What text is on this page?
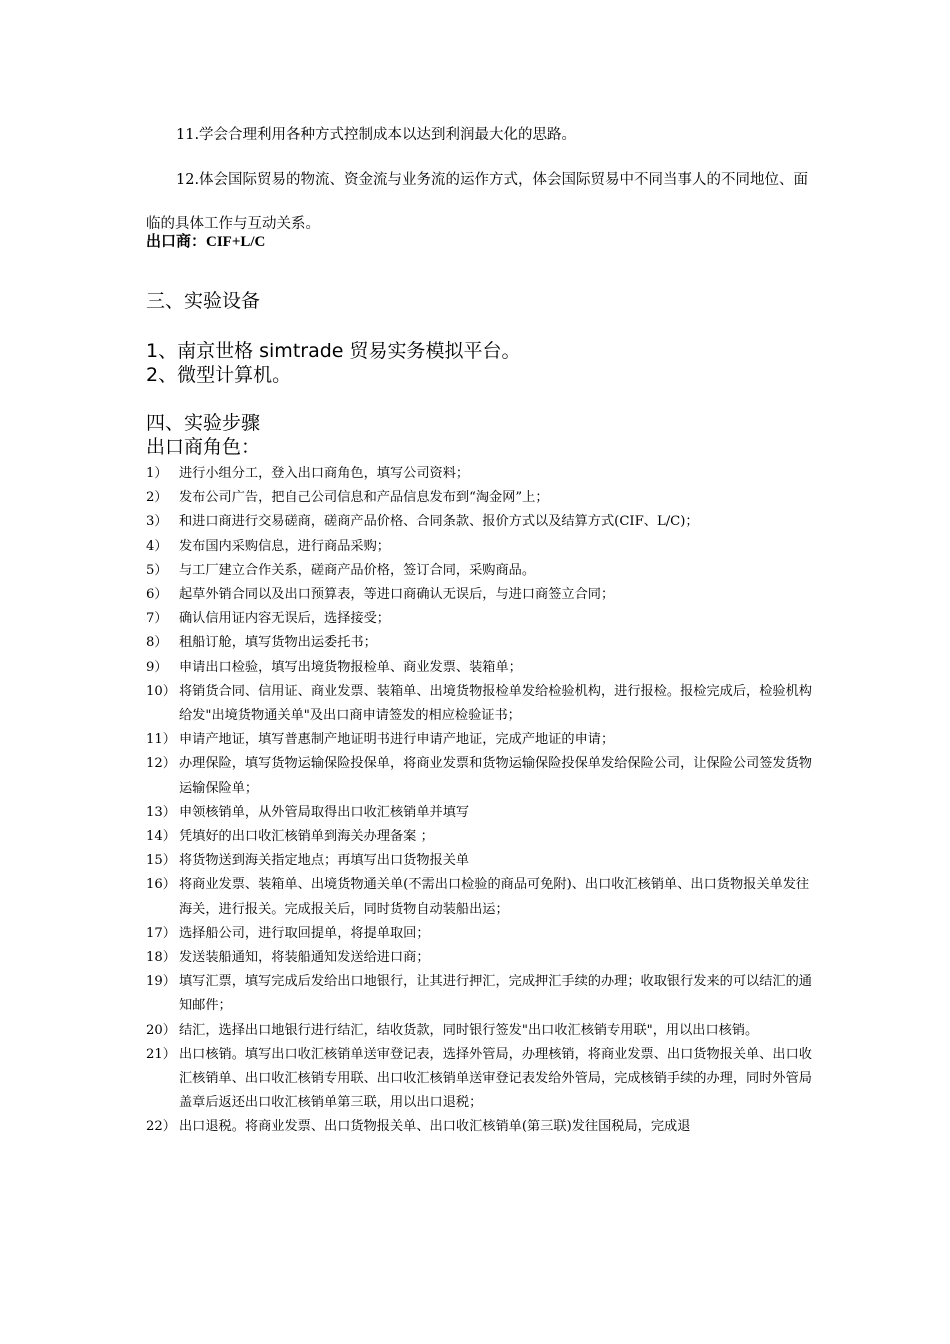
11.学会合理利用各种方式控制成本以达到利润最大化的思路。
12.体会国际贸易的物流、资金流与业务流的运作方式，体会国际贸易中不同当事人的不同地位、面临的具体工作与互动关系。
出口商：CIF+L/C
三、实验设备
1、南京世格 simtrade 贸易实务模拟平台。
2、微型计算机。
四、实验步骤
出口商角色：
1） 进行小组分工，登入出口商角色，填写公司资料；
2） 发布公司广告，把自己公司信息和产品信息发布到“淘金网”上；
3） 和进口商进行交易磋商，磋商产品价格、合同条款、报价方式以及结算方式(CIF、L/C)；
4） 发布国内采购信息，进行商品采购；
5） 与工厂建立合作关系，磋商产品价格，签订合同，采购商品。
6） 起草外销合同以及出口预算表，等进口商确认无误后，与进口商签立合同；
7） 确认信用证内容无误后，选择接受；
8） 租船订舱，填写货物出运委托书；
9） 申请出口检验，填写出境货物报检单、商业发票、装箱单；
10） 将销货合同、信用证、商业发票、装箱单、出境货物报检单发给检验机构，进行报检。报检完成后，检验机构给发"出境货物通关单"及出口商申请签发的相应检验证书；
11） 申请产地证，填写普惠制产地证明书进行申请产地证，完成产地证的申请；
12） 办理保险，填写货物运输保险投保单，将商业发票和货物运输保险投保单发给保险公司，让保险公司签发货物运输保险单；
13） 申领核销单，从外管局取得出口收汇核销单并填写
14） 凭填好的出口收汇核销单到海关办理备案 ；
15） 将货物送到海关指定地点；再填写出口货物报关单
16） 将商业发票、装箱单、出境货物通关单(不需出口检验的商品可免附)、出口收汇核销单、出口货物报关单发往海关，进行报关。完成报关后，同时货物自动装船出运；
17） 选择船公司，进行取回提单，将提单取回；
18） 发送装船通知，将装船通知发送给进口商；
19） 填写汇票，填写完成后发给出口地银行，让其进行押汇，完成押汇手续的办理；收取银行发来的可以结汇的通知邮件；
20） 结汇，选择出口地银行进行结汇，结收货款，同时银行签发"出口收汇核销专用联"，用以出口核销。
21） 出口核销。填写出口收汇核销单送审登记表，选择外管局，办理核销，将商业发票、出口货物报关单、出口收汇核销单、出口收汇核销专用联、出口收汇核销单送审登记表发给外管局，完成核销手续的办理，同时外管局盖章后返还出口收汇核销单第三联，用以出口退税；
22） 出口退税。将商业发票、出口货物报关单、出口收汇核销单(第三联)发往国税局，完成退
